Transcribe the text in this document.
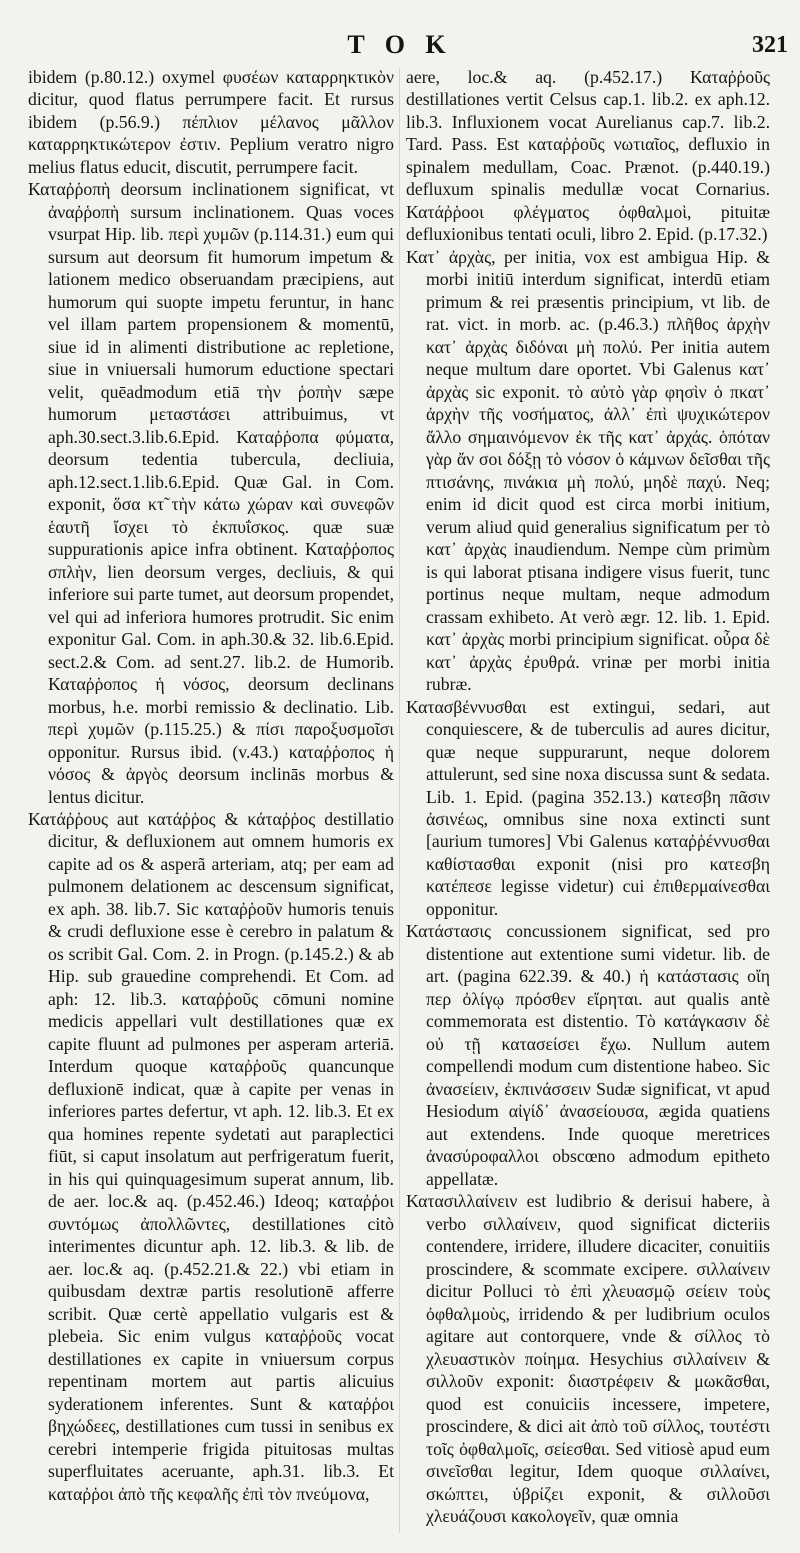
T O K	321

ibidem (p.80.12.) oxymel φυσέων καταρρηκτικὸν dicitur, quod flatus perrumpere facit. Et rursus ibidem (p.56.9.) πέπλιον μέλανος μᾶλλον καταρρηκτικώτερον ἐστιν. Peplium veratro nigro melius flatus educit, discutit, perrumpere facit.

Καταῤῥοπὴ deorsum inclinationem significat, vt ἀναῤῥοπὴ sursum inclinationem. Quas voces vsurpat Hip. lib. περὶ χυμῶν (p.114.31.) eum qui sursum aut deorsum fit humorum impetum & lationem medico obseruandam præcipiens, aut humorum qui suopte impetu feruntur, in hanc vel illam partem propensionem & momentū, siue id in alimenti distributione ac repletione, siue in vniuersali humorum eductione spectari velit, quēadmodum etiā τὴν ῥοπὴν sæpe humorum μεταστάσει attribuimus, vt aph.30.sect.3.lib.6.Epid. Καταῤῥοπα φύματα, deorsum tedentia tubercula, decliuia, aph.12.sect.1.lib.6.Epid. Quæ Gal. in Com. exponit, ὅσα κτ̃ τὴν κάτω χώραν καὶ συνεφῶν ἑαυτῆ ἴσχει τὸ ἐκπυΐσκος. quæ suæ suppurationis apice infra obtinent. Καταῤῥοπος σπλὴν, lien deorsum verges, decliuis, & qui inferiore sui parte tumet, aut deorsum propendet, vel qui ad inferiora humores protrudit. Sic enim exponitur Gal. Com. in aph.30.& 32. lib.6.Epid. sect.2.& Com. ad sent.27. lib.2. de Humorib. Καταῤῥοπος ἡ νόσος, deorsum declinans morbus, h.e. morbi remissio & declinatio. Lib. περὶ χυμῶν (p.115.25.) & πίσι παροξυσμοῖσι opponitur. Rursus ibid. (v.43.) καταῤῥοπος ἡ νόσος & ἀργὸς deorsum inclinās morbus & lentus dicitur.

Κατάῤῥους aut κατάῤῥος & κάταῤῥος destillatio dicitur, & defluxionem aut omnem humoris ex capite ad os & asperã arteriam, atq; per eam ad pulmonem delationem ac descensum significat, ex aph. 38. lib.7. Sic καταῤῥοῦν humoris tenuis & crudi defluxione esse è cerebro in palatum & os scribit Gal. Com. 2. in Progn. (p.145.2.) & ab Hip. sub grauedine comprehendi. Et Com. ad aph: 12. lib.3. καταῤῥοῦς cōmuni nomine medicis appellari vult destillationes quæ ex capite fluunt ad pulmones per asperam arteriā. Interdum quoque καταῤῥοῦς quancunque defluxionē indicat, quæ à capite per venas in inferiores partes defertur, vt aph. 12. lib.3. Et ex qua homines repente sydetati aut paraplectici fiūt, si caput insolatum aut perfrigeratum fuerit, in his qui quinquagesimum superat annum, lib. de aer. loc.& aq. (p.452.46.) Ideoq; καταῤῥοι συντόμως ἀπολλῶντες, destillationes citò interimentes dicuntur aph. 12. lib.3. & lib. de aer. loc.& aq. (p.452.21.& 22.) vbi etiam in quibusdam dextræ partis resolutionē afferre scribit. Quæ certè appellatio vulgaris est & plebeia. Sic enim vulgus καταῤῥοῦς vocat destillationes ex capite in vniuersum corpus repentinam mortem aut partis alicuius syderationem inferentes. Sunt & καταῤῥοι βηχώδεες, destillationes cum tussi in senibus ex cerebri intemperie frigida pituitosas multas superfluitates aceruante, aph.31. lib.3. Et καταῤῥοι ἀπὸ τῆς κεφαλῆς ἐπὶ τὸν πνεύμονα,

aere, loc.& aq. (p.452.17.) Καταῤῥοῦς destillationes vertit Celsus cap.1. lib.2. ex aph.12. lib.3. Influxionem vocat Aurelianus cap.7. lib.2. Tard. Pass. Est καταῤῥοῦς νωτιαῖος, defluxio in spinalem medullam, Coac. Prænot. (p.440.19.) defluxum spinalis medullæ vocat Cornarius. Κατάῤῥοοι φλέγματος ὀφθαλμοὶ, pituitæ defluxionibus tentati oculi, libro 2. Epid. (p.17.32.)

Κατ᾽ ἀρχὰς, per initia, vox est ambigua Hip. & morbi initiū interdum significat, interdū etiam primum & rei præsentis principium, vt lib. de rat. vict. in morb. ac. (p.46.3.) πλῆθος ἀρχὴν κατ᾽ ἀρχὰς διδόναι μὴ πολύ. Per initia autem neque multum dare oportet. Vbi Galenus κατ᾽ ἀρχὰς sic exponit. τὸ αὐτὸ γὰρ φησὶν ὁ πκατ᾽ ἀρχὴν τῆς νοσήματος, ἀλλ᾽ ἐπὶ ψυχικώτερον ἄλλο σημαινόμενον ἐκ τῆς κατ᾽ ἀρχάς. ὁπόταν γὰρ ἄν σοι δόξῃ τὸ νόσον ὁ κάμνων δεῖσθαι τῆς πτισάνης, πινάκια μὴ πολύ, μηδὲ παχύ. Neq; enim id dicit quod est circa morbi initium, verum aliud quid generalius significatum per τὸ κατ᾽ ἀρχὰς inaudiendum. Nempe cùm primùm is qui laborat ptisana indigere visus fuerit, tunc portinus neque multam, neque admodum crassam exhibeto. At verò ægr. 12. lib. 1. Epid. κατ᾽ ἀρχὰς morbi principium significat. οὖρα δὲ κατ᾽ ἀρχὰς ἐρυθρά. vrinæ per morbi initia rubræ.

Κατασβέννυσθαι est extingui, sedari, aut conquiescere, & de tuberculis ad aures dicitur, quæ neque suppurarunt, neque dolorem attulerunt, sed sine noxa discussa sunt & sedata. Lib. 1. Epid. (pagina 352.13.) κατεσβη πᾶσιν ἀσινέως, omnibus sine noxa extincti sunt [aurium tumores] Vbi Galenus καταῤῥέννυσθαι καθίστασθαι exponit (nisi pro κατεσβη κατέπεσε legisse videtur) cui ἐπιθερμαίνεσθαι opponitur.

Κατάστασις concussionem significat, sed pro distentione aut extentione sumi videtur. lib. de art. (pagina 622.39. & 40.) ἡ κατάστασις οἴη περ ὀλίγῳ πρόσθεν εἴρηται. aut qualis antè commemorata est distentio. Τὸ κατάγκασιν δὲ οὐ τῇ κατασείσει ἔχω. Nullum autem compellendi modum cum distentione habeo. Sic ἀνασείειν, ἐκπινάσσειν Sudæ significat, vt apud Hesiodum αἰγίδ᾽ ἀνασείουσα, ægida quatiens aut extendens. Inde quoque meretrices ἀνασύροφαλλοι obscœno admodum epitheto appellatæ.

Κατασιλλαίνειν est ludibrio & derisui habere, à verbo σιλλαίνειν, quod significat dicteriis contendere, irridere, illudere dicaciter, conuitiis proscindere, & scommate excipere. σιλλαίνειν dicitur Polluci τὸ ἐπὶ χλευασμῷ σείειν τοὺς ὀφθαλμοὺς, irridendo & per ludibrium oculos agitare aut contorquere, vnde & σίλλος τὸ χλευαστικὸν ποίημα. Hesychius σιλλαίνειν & σιλλοῦν exponit: διαστρέφειν & μωκᾶσθαι, quod est conuiciis incessere, impetere, proscindere, & dici ait ἀπὸ τοῦ σίλλος, τουτέστι τοῖς ὀφθαλμοῖς, σείεσθαι. Sed vitiosè apud eum σινεῖσθαι legitur, Idem quoque σιλλαίνει, σκώπτει, ὑβρίζει exponit, & σιλλοῦσι χλευάζουσι κακολογεῖν, quæ omnia
